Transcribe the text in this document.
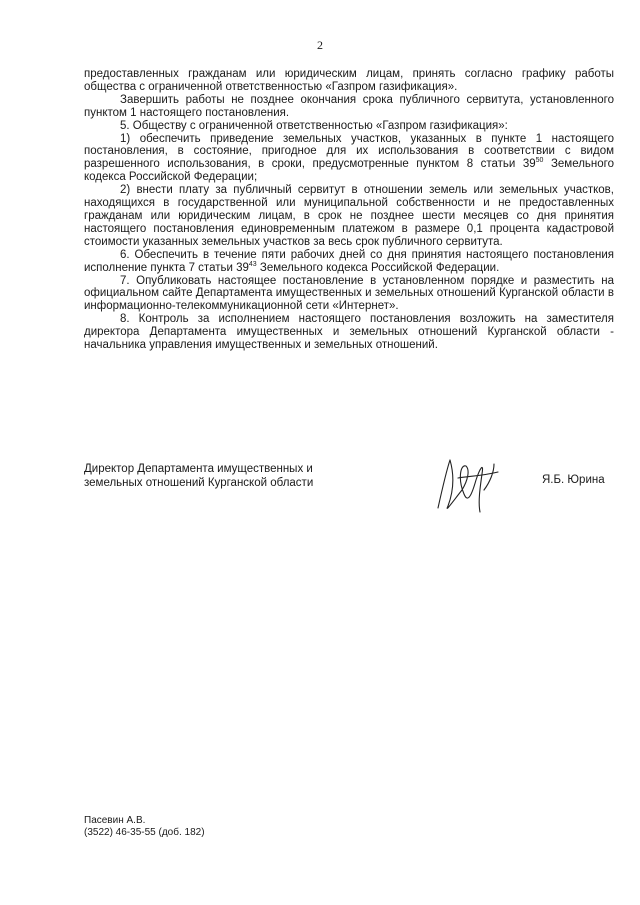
2

предоставленных гражданам или юридическим лицам, принять согласно графику работы общества с ограниченной ответственностью «Газпром газификация».

Завершить работы не позднее окончания срока публичного сервитута, установленного пунктом 1 настоящего постановления.

5. Обществу с ограниченной ответственностью «Газпром газификация»:

1) обеспечить приведение земельных участков, указанных в пункте 1 настоящего постановления, в состояние, пригодное для их использования в соответствии с видом разрешенного использования, в сроки, предусмотренные пунктом 8 статьи $39^{50}$ Земельного кодекса Российской Федерации;

2) внести плату за публичный сервитут в отношении земель или земельных участков, находящихся в государственной или муниципальной собственности и не предоставленных гражданам или юридическим лицам, в срок не позднее шести месяцев со дня принятия настоящего постановления единовременным платежом в размере 0,1 процента кадастровой стоимости указанных земельных участков за весь срок публичного сервитута.

6. Обеспечить в течение пяти рабочих дней со дня принятия настоящего постановления исполнение пункта 7 статьи $39^{43}$ Земельного кодекса Российской Федерации.

7. Опубликовать настоящее постановление в установленном порядке и разместить на официальном сайте Департамента имущественных и земельных отношений Курганской области в информационно-телекоммуникационной сети «Интернет».

8. Контроль за исполнением настоящего постановления возложить на заместителя директора Департамента имущественных и земельных отношений Курганской области - начальника управления имущественных и земельных отношений.

Директор Департамента имущественных и
земельных отношений Курганской области	Я.Б. Юрина
Пасевин А.В.
(3522) 46-35-55 (доб. 182)
